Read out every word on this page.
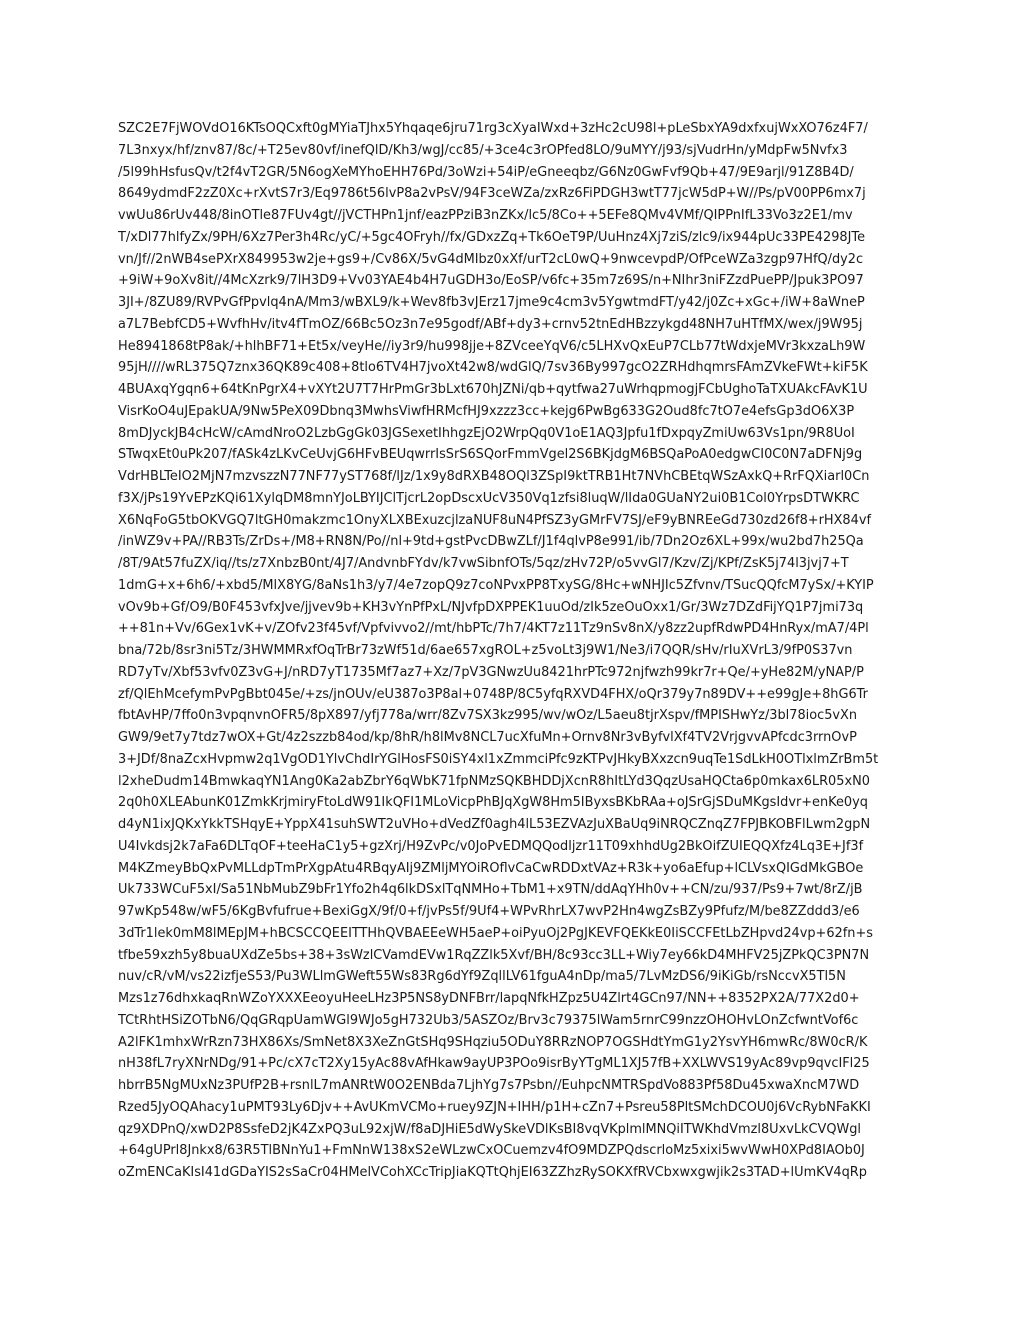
SZC2E7FjWOVdO16KTsOQCxft0gMYiaTJhx5Yhqaqe6jru71rg3cXyaIWxd+3zHc2cU98l+pLeSbxYA9dxfxujWxXO76z4F7/
7L3nxyx/hf/znv87/8c/+T25ev80vf/inefQlD/Kh3/wgJ/cc85/+3ce4c3rOPfed8LO/9uMYY/j93/sjVudrHn/yMdpFw5Nvfx3
/5l99hHsfusQv/t2f4vT2GR/5N6ogXeMYhoEHH76Pd/3oWzi+54iP/eGneeqbz/G6Nz0GwFvf9Qb+47/9E9arjl/91Z8B4D/
8649ydmdF2zZ0Xc+rXvtS7r3/Eq9786t56lvP8a2vPsV/94F3ceWZa/zxRz6FiPDGH3wtT77jcW5dP+W//Ps/pV00PP6mx7j
vwUu86rUv448/8inOTle87FUv4gt//jVCTHPn1jnf/eazPPziB3nZKx/lc5/8Co++5EFe8QMv4VMf/QIPPnIfL33Vo3z2E1/mv
T/xDl77hlfyZx/9PH/6Xz7Per3h4Rc/yC/+5gc4OFryh//fx/GDxzZq+Tk6OeT9P/UuHnz4Xj7ziS/zlc9/ix944pUc33PE4298JTe
vn/Jf//2nWB4sePXrX849953w2je+gs9+/Cv86X/5vG4dMIbz0xXf/urT2cL0wQ+9nwcevpdP/OfPceWZa3zgp97HfQ/dy2c
+9iW+9oXv8it//4McXzrk9/7lH3D9+Vv03YAE4b4H7uGDH3o/EoSP/v6fc+35m7z69S/n+NIhr3niFZzdPuePP/Jpuk3PO97
3JI+/8ZU89/RVPvGfPpvlq4nA/Mm3/wBXL9/k+Wev8fb3vJErz17jme9c4cm3v5YgwtmdFT/y42/j0Zc+xGc+/iW+8aWneP
a7L7BebfCD5+WvfhHv/itv4fTmOZ/66Bc5Oz3n7e95godf/ABf+dy3+crnv52tnEdHBzzykgd48NH7uHTfMX/wex/j9W95j
He8941868tP8ak/+hlhBF71+Et5x/veyHe//iy3r9/hu998jje+8ZVceeYqV6/c5LHXvQxEuP7CLb77tWdxjeMVr3kxzaLh9W
95jH////wRL375Q7znx36QK89c408+8tlo6TV4H7jvoXt42w8/wdGlQ/7sv36By997gcO2ZRHdhqmrsFAmZVkeFWt+kiF5K
4BUAxqYgqn6+64tKnPgrX4+vXYt2U7T7HrPmGr3bLxt670hJZNi/qb+qytfwa27uWrhqpmogjFCbUghoTaTXUAkcFAvK1U
VisrKoO4uJEpakUA/9Nw5PeX09Dbnq3MwhsViwfHRMcfHJ9xzzz3cc+kejg6PwBg633G2Oud8fc7tO7e4efsGp3dO6X3P
8mDJyckJB4cHcW/cAmdNroO2LzbGgGk03JGSexetIhhgzEjO2WrpQq0V1oE1AQ3Jpfu1fDxpqyZmiUw63Vs1pn/9R8UoI
STwqxEt0uPk207/fASk4zLKvCeUvjG6HFvBEUqwrrIsSrS6SQorFmmVgel2S6BKjdgM6BSQaPoA0edgwCI0C0N7aDFNj9g
VdrHBLTeIO2MjN7mzvszzN77NF77yST768f/lJz/1x9y8dRXB48OQl3ZSpI9ktTRB1Ht7NVhCBEtqWSzAxkQ+RrFQXiarl0Cn
f3X/jPs19YvEPzKQi61XylqDM8mnYJoLBYIJClTjcrL2opDscxUcV350Vq1zfsi8luqW/lIda0GUaNY2ui0B1Col0YrpsDTWKRC
X6NqFoG5tbOKVGQ7ltGH0makzmc1OnyXLXBExuzcjlzaNUF8uN4PfSZ3yGMrFV7SJ/eF9yBNREeGd730zd26f8+rHX84vf
/inWZ9v+PA//RB3Ts/ZrDs+/M8+RN8N/Po//nl+9td+gstPvcDBwZLf/J1f4qlvP8e991/ib/7Dn2Oz6XL+99x/wu2bd7h25Qa
/8T/9At57fuZX/iq//ts/z7XnbzB0nt/4J7/AndvnbFYdv/k7vwSibnfOTs/5qz/zHv72P/o5vvGl7/Kzv/Zj/KPf/ZsK5j74l3jvj7+T
1dmG+x+6h6/+xbd5/MlX8YG/8aNs1h3/y7/4e7zopQ9z7coNPvxPP8TxySG/8Hc+wNHJIc5Zfvnv/TSucQQfcM7ySx/+KYIP
vOv9b+Gf/O9/B0F453vfxJve/jjvev9b+KH3vYnPfPxL/NJvfpDXPPEK1uuOd/zIk5zeOuOxx1/Gr/3Wz7DZdFijYQ1P7jmi73q
++81n+Vv/6Gex1vK+v/ZOfv23f45vf/Vpfvivvo2//mt/hbPTc/7h7/4KT7z11Tz9nSv8nX/y8zz2upfRdwPD4HnRyx/mA7/4Pl
bna/72b/8sr3ni5Tz/3HWMMRxfOqTrBr73zWf51d/6ae657xgROL+z5voLt3j9W1/Ne3/i7QQR/sHv/rIuXVrL3/9fP0S37vn
RD7yTv/Xbf53vfv0Z3vG+J/nRD7yT1735Mf7az7+Xz/7pV3GNwzUu8421hrPTc972njfwzh99kr7r+Qe/+yHe82M/yNAP/P
zf/QlEhMcefymPvPgBbt045e/+zs/jnOUv/eU387o3P8al+0748P/8C5yfqRXVD4FHX/oQr379y7n89DV++e99gJe+8hG6Tr
fbtAvHP/7ffo0n3vpqnvnOFR5/8pX897/yfj778a/wrr/8Zv7SX3kz995/wv/wOz/L5aeu8tjrXspv/fMPISHwYz/3bl78ioc5vXn
GW9/9et7y7tdz7wOX+Gt/4z2szzb84od/kp/8hR/h8lMv8NCL7ucXfuMn+Ornv8Nr3vByfvlXf4TV2VrjgvvAPfcdc3rrnOvP
3+JDf/8naZcxHvpmw2q1VgOD1YlvChdIrYGlHosFS0iSY4xl1xZmmciPfc9zKTPvJHkyBXxzcn9uqTe1SdLkH0OTlxlmZrBm5t
l2xheDudm14BmwkaqYN1Ang0Ka2abZbrY6qWbK71fpNMzSQKBHDDjXcnR8hItLYd3QqzUsaHQCta6p0mkax6LR05xN0
2q0h0XLEAbunK01ZmkKrjmiryFtoLdW91IkQFI1MLoVicpPhBJqXgW8Hm5IByxsBKbRAa+oJSrGjSDuMKgsIdvr+enKe0yq
d4yN1ixJQKxYkkTSHqyE+YppX41suhSWT2uVHo+dVedZf0agh4lL53EZVAzJuXBaUq9iNRQCZnqZ7FPJBKOBFlLwm2gpN
U4Ivkdsj2k7aFa6DLTqOF+teeHaC1y5+gzXrj/H9ZvPc/v0JoPvEDMQQodljzr11T09xhhdUg2BkOifZUIEQQXfz4Lq3E+Jf3f
M4KZmeyBbQxPvMLLdpTmPrXgpAtu4RBqyAIj9ZMljMYOiROflvCaCwRDDxtVAz+R3k+yo6aEfup+lCLVsxQIGdMkGBOe
Uk733WCuF5xI/Sa51NbMubZ9bFr1Yfo2h4q6lkDSxlTqNMHo+TbM1+x9TN/ddAqYHh0v++CN/zu/937/Ps9+7wt/8rZ/jB
97wKp548w/wF5/6KgBvfufrue+BexiGgX/9f/0+f/jvPs5f/9Uf4+WPvRhrLX7wvP2Hn4wgZsBZy9Pfufz/M/be8ZZddd3/e6
3dTr1lek0mM8lMEpJM+hBCSCCQEEITTHhQVBAEEeWH5aeP+oiPyuOj2PgJKEVFQEKkE0IiSCCFEtLbZHpvd24vp+62fn+s
tfbe59xzh5y8buaUXdZe5bs+38+3sWzlCVamdEVw1RqZZlk5Xvf/BH/8c93cc3LL+Wiy7ey66kD4MHFV25jZPkQC3PN7N
nuv/cR/vM/vs22izfjeS53/Pu3WLlmGWeft55Ws83Rg6dYf9ZqllLV61fguA4nDp/ma5/7LvMzDS6/9iKiGb/rsNccvX5Tl5N
Mzs1z76dhxkaqRnWZoYXXXEeoyuHeeLHz3P5NS8yDNFBrr/lapqNfkHZpz5U4Zlrt4GCn97/NN++8352PX2A/77X2d0+
TCtRhtHSiZOTbN6/QqGRqpUamWGl9WJo5gH732Ub3/5ASZOz/Brv3c79375lWam5rnrC99nzzOHOHvLOnZcfwntVof6c
A2lFK1mhxWrRzn73HX86Xs/SmNet8X3XeZnGtSHq9SHqziu5ODuY8RRzNOP7OGSHdtYmG1y2YsvYH6mwRc/8W0cR/K
nH38fL7ryXNrNDg/91+Pc/cX7cT2Xy15yAc88vAfHkaw9ayUP3POo9isrByYTgML1XJ57fB+XXLWVS19yAc89vp9qvcIFl25
hbrrB5NgMUxNz3PUfP2B+rsnlL7mANRtW0O2ENBda7LjhYg7s7Psbn//EuhpcNMTRSpdVo883Pf58Du45xwaXncM7WD
Rzed5JyOQAhacy1uPMT93Ly6Djv++AvUKmVCMo+ruey9ZJN+IHH/p1H+cZn7+Psreu58PltSMchDCOU0j6VcRybNFaKKI
qz9XDPnQ/xwD2P8SsfeD2jK4ZxPQ3uL92xjW/f8aDJHiE5dWySkeVDlKsBI8vqVKplmlMNQiITWKhdVmzl8UxvLkCVQWgl
+64gUPrl8Jnkx8/63R5TlBNnYu1+FmNnW138xS2eWLzwCxOCuemzv4fO9MDZPQdscrloMz5xixi5wvWwH0XPd8IAOb0J
oZmENCaKIsI41dGDaYIS2sSaCr04HMelVCohXCcTripJiaKQTtQhjEI63ZZhzRySOKXfRVCbxwxgwjik2s3TAD+lUmKV4qRp
